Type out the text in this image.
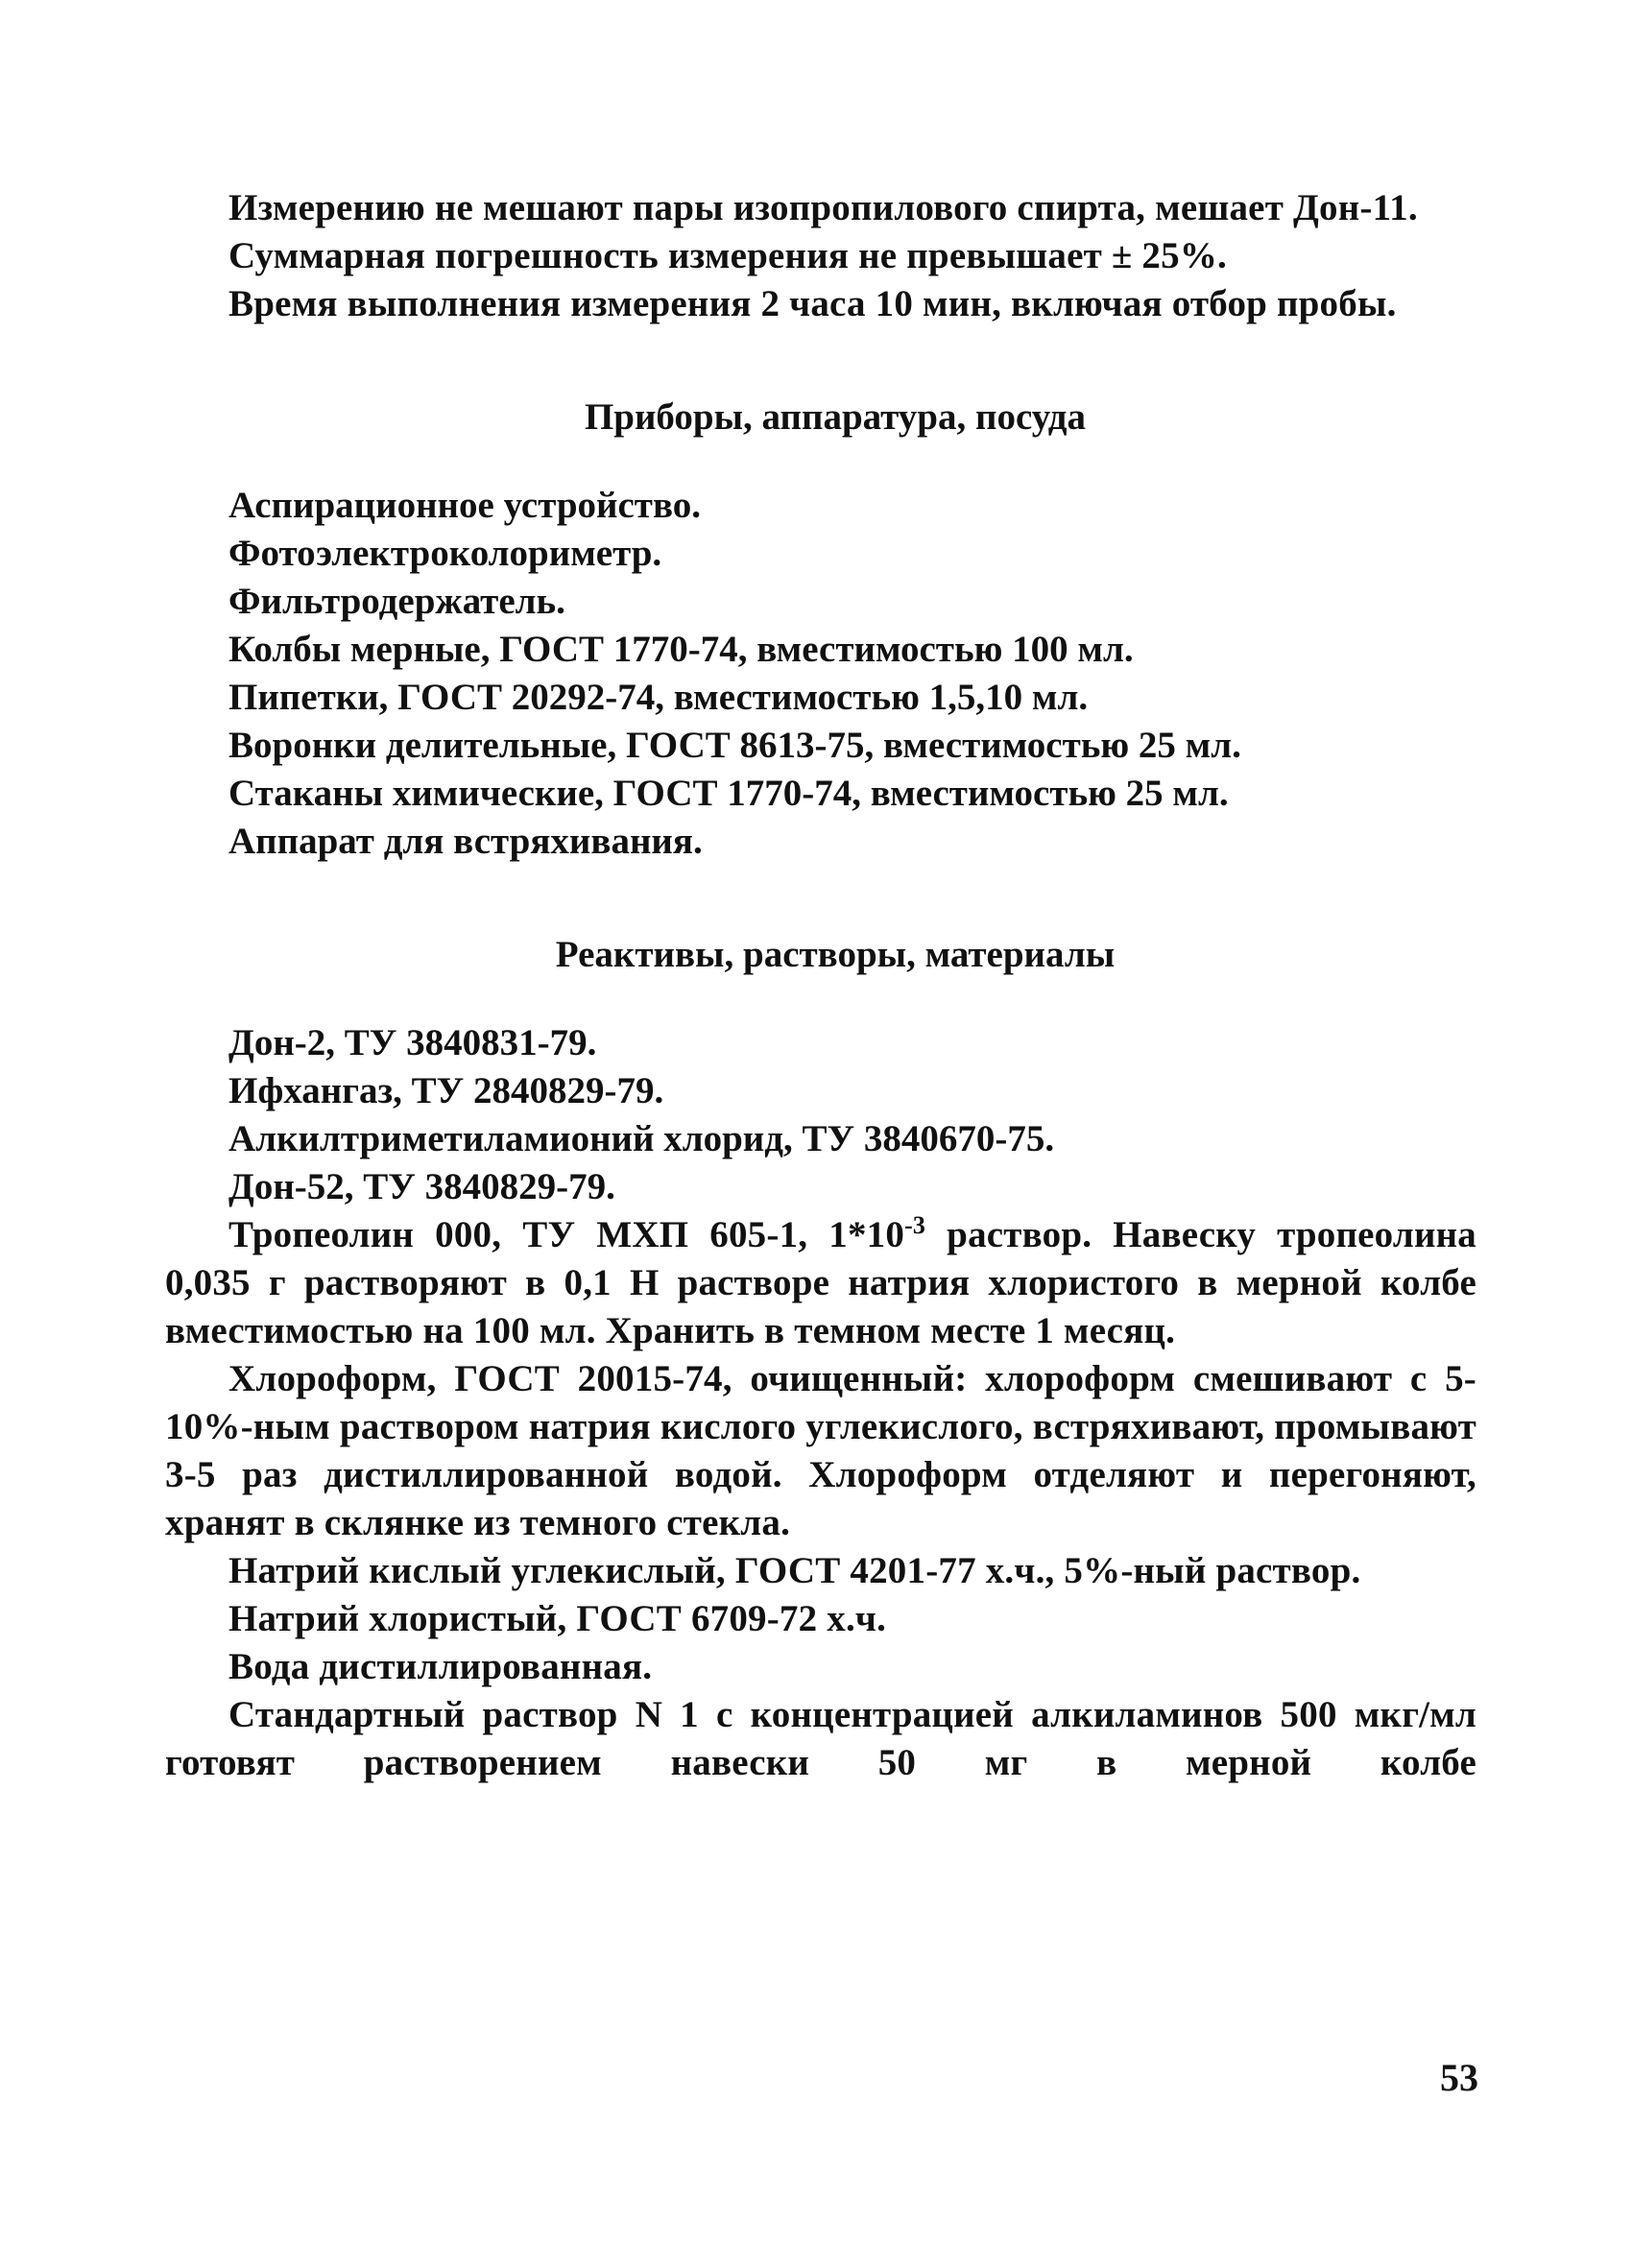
Измерению не мешают пары изопропилового спирта, мешает Дон-11.

Суммарная погрешность измерения не превышает ± 25%.

Время выполнения измерения 2 часа 10 мин, включая отбор пробы.

Приборы, аппаратура, посуда

Аспирационное устройство.

Фотоэлектроколориметр.

Фильтродержатель.

Колбы мерные, ГОСТ 1770-74, вместимостью 100 мл.

Пипетки, ГОСТ 20292-74, вместимостью 1,5,10 мл.

Воронки делительные, ГОСТ 8613-75, вместимостью 25 мл.

Стаканы химические, ГОСТ 1770-74, вместимостью 25 мл.

Аппарат для встряхивания.

Реактивы, растворы, материалы

Дон-2, ТУ 3840831-79.

Ифхангаз, ТУ 2840829-79.

Алкилтриметиламионий хлорид, ТУ 3840670-75.

Дон-52, ТУ 3840829-79.

Тропеолин 000, ТУ МХП 605-1, $1*10^{-3}$ раствор. Навеску тропеолина 0,035 г растворяют в 0,1 Н растворе натрия хлористого в мерной колбе вместимостью на 100 мл. Хранить в темном месте 1 месяц.

Хлороформ, ГОСТ 20015-74, очищенный: хлороформ смешивают с 5-10%-ным раствором натрия кислого углекислого, встряхивают, промывают 3-5 раз дистиллированной водой. Хлороформ отделяют и перегоняют, хранят в склянке из темного стекла.

Натрий кислый углекислый, ГОСТ 4201-77 х.ч., 5%-ный раствор.

Натрий хлористый, ГОСТ 6709-72 х.ч.

Вода дистиллированная.

Стандартный раствор N 1 с концентрацией алкиламинов 500 мкг/мл готовят растворением навески 50 мг в мерной колбе

53
